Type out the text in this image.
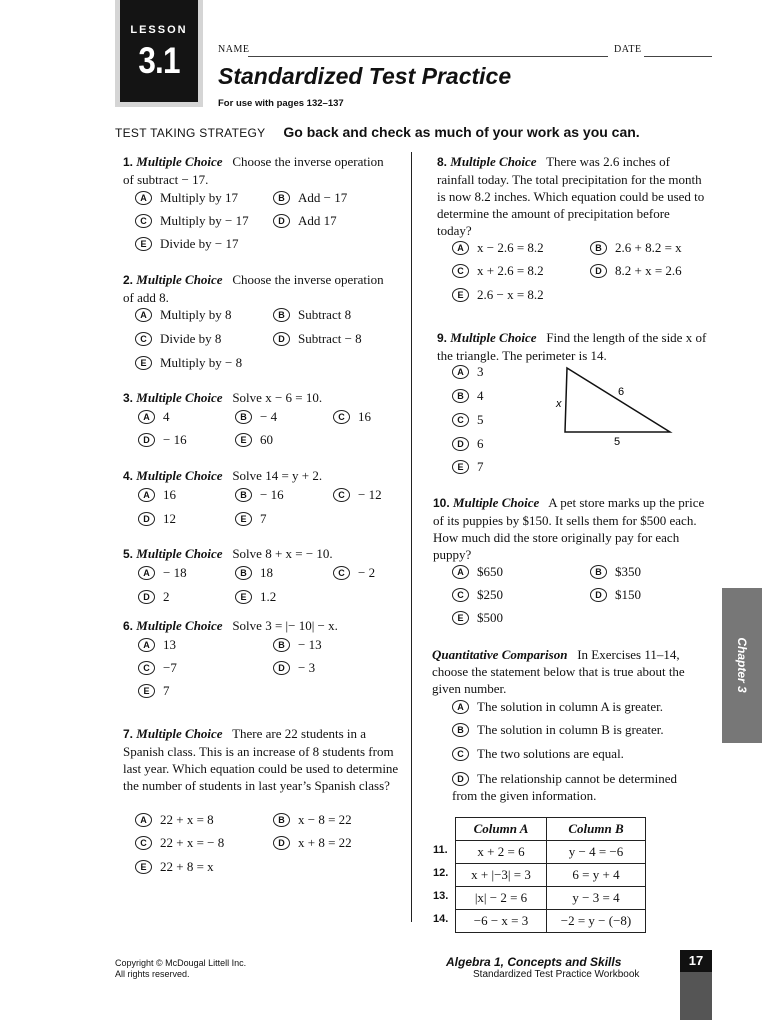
LESSON
3.1	NAME	DATE
Standardized Test Practice
For use with pages 132–137
TEST TAKING STRATEGY Go back and check as much of your work as you can.
1. Multiple Choice Choose the inverse operation of subtract − 17.
A Multiply by 17	B Add − 17
C Multiply by − 17	D Add 17
E Divide by − 17
2. Multiple Choice Choose the inverse operation of add 8.
A Multiply by 8	B Subtract 8
C Divide by 8	D Subtract − 8
E Multiply by − 8
3. Multiple Choice Solve x − 6 = 10.
A 4	B − 4	C 16
D − 16	E 60
4. Multiple Choice Solve 14 = y + 2.
A 16	B − 16	C − 12
D 12	E 7
5. Multiple Choice Solve 8 + x = − 10.
A − 18	B 18	C − 2
D 2	E 1.2
6. Multiple Choice Solve 3 = |− 10| − x.
A 13	B − 13
C −7	D − 3
E 7
7. Multiple Choice There are 22 students in a Spanish class. This is an increase of 8 students from last year. Which equation could be used to determine the number of students in last year’s Spanish class?
A 22 + x = 8	B x − 8 = 22
C 22 + x = − 8	D x + 8 = 22
E 22 + 8 = x
8. Multiple Choice There was 2.6 inches of rainfall today. The total precipitation for the month is now 8.2 inches. Which equation could be used to determine the amount of precipitation before today?
A x − 2.6 = 8.2	B 2.6 + 8.2 = x
C x + 2.6 = 8.2	D 8.2 + x = 2.6
E 2.6 − x = 8.2
9. Multiple Choice Find the length of the side x of the triangle. The perimeter is 14.
A 3
B 4
C 5
D 6
E 7
x
6
5
10. Multiple Choice A pet store marks up the price of its puppies by $150. It sells them for $500 each. How much did the store originally pay for each puppy?
A $650	B $350
C $250	D $150
E $500
Quantitative Comparison In Exercises 11–14, choose the statement below that is true about the given number.
A The solution in column A is greater.
B The solution in column B is greater.
C The two solutions are equal.
D The relationship cannot be determined from the given information.
Column A	Column B
x + 2 = 6	y − 4 = −6
x + |−3| = 3	6 = y + 4
|x| − 2 = 6	y − 3 = 4
−6 − x = 3	−2 = y − (−8)
11.
12.
13.
14.
Chapter 3
Copyright © McDougal Littell Inc.
All rights reserved.
Algebra 1, Concepts and Skills
Standardized Test Practice Workbook
17
